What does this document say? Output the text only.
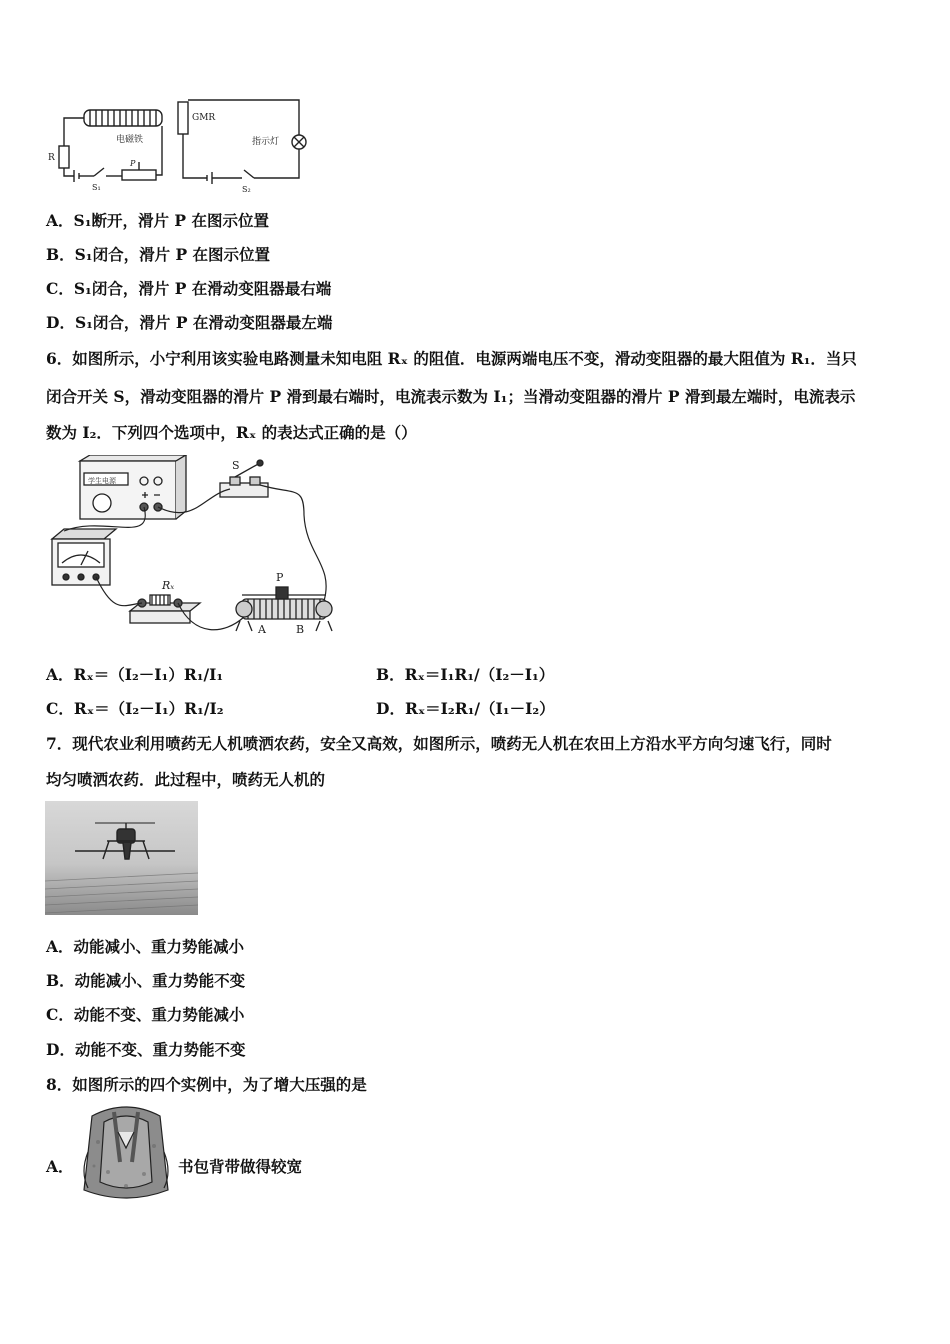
GMR
电磁铁	指示灯
R
S₁	S₂
P
A．S₁断开，滑片 P 在图示位置
B．S₁闭合，滑片 P 在图示位置
C．S₁闭合，滑片 P 在滑动变阻器最右端
D．S₁闭合，滑片 P 在滑动变阻器最左端
6．如图所示，小宁利用该实验电路测量未知电阻 Rₓ 的阻值．电源两端电压不变，滑动变阻器的最大阻值为 R₁．当只
闭合开关 S，滑动变阻器的滑片 P 滑到最右端时，电流表示数为 I₁；当滑动变阻器的滑片 P 滑到最左端时，电流表示
数为 I₂．下列四个选项中，Rₓ 的表达式正确的是（）
学生电源
S
Rₓ
P
A	B
A．Rₓ＝（I₂－I₁）R₁/I₁	B．Rₓ＝I₁R₁/（I₂－I₁）
C．Rₓ＝（I₂－I₁）R₁/I₂	D．Rₓ＝I₂R₁/（I₁－I₂）
7．现代农业利用喷药无人机喷洒农药，安全又高效，如图所示，喷药无人机在农田上方沿水平方向匀速飞行，同时
均匀喷洒农药．此过程中，喷药无人机的
A．动能减小、重力势能减小
B．动能减小、重力势能不变
C．动能不变、重力势能减小
D．动能不变、重力势能不变
8．如图所示的四个实例中，为了增大压强的是
A．	书包背带做得较宽
